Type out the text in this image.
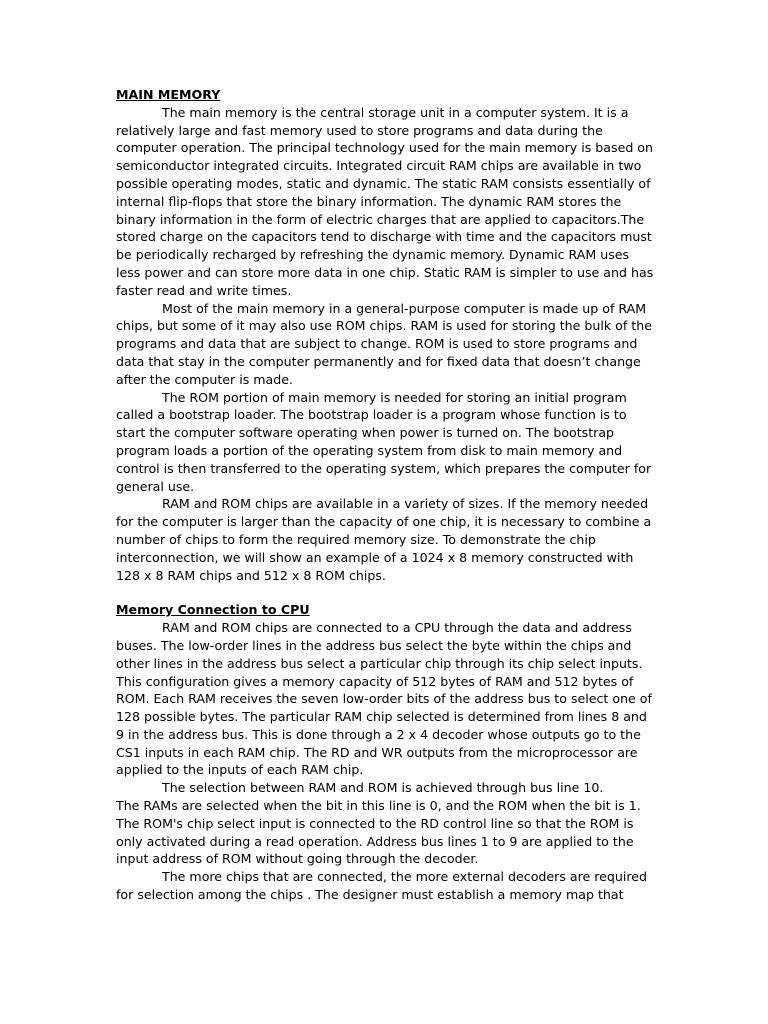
MAIN MEMORY

The main memory is the central storage unit in a computer system. It is a relatively large and fast memory used to store programs and data during the computer operation. The principal technology used for the main memory is based on semiconductor integrated circuits. Integrated circuit RAM chips are available in two possible operating modes, static and dynamic. The static RAM consists essentially of internal flip-flops that store the binary information. The dynamic RAM stores the binary information in the form of electric charges that are applied to capacitors.The stored charge on the capacitors tend to discharge with time and the capacitors must be periodically recharged by refreshing the dynamic memory. Dynamic RAM uses less power and can store more data in one chip. Static RAM is simpler to use and has faster read and write times.

Most of the main memory in a general-purpose computer is made up of RAM chips, but some of it may also use ROM chips. RAM is used for storing the bulk of the programs and data that are subject to change. ROM is used to store programs and data that stay in the computer permanently and for fixed data that doesn’t change after the computer is made.

The ROM portion of main memory is needed for storing an initial program called a bootstrap loader. The bootstrap loader is a program whose function is to start the computer software operating when power is turned on. The bootstrap program loads a portion of the operating system from disk to main memory and control is then transferred to the operating system, which prepares the computer for general use.

RAM and ROM chips are available in a variety of sizes. If the memory needed for the computer is larger than the capacity of one chip, it is necessary to combine a number of chips to form the required memory size. To demonstrate the chip interconnection, we will show an example of a 1024 x 8 memory constructed with 128 x 8 RAM chips and 512 x 8 ROM chips.

Memory Connection to CPU

RAM and ROM chips are connected to a CPU through the data and address buses. The low-order lines in the address bus select the byte within the chips and other lines in the address bus select a particular chip through its chip select inputs. This configuration gives a memory capacity of 512 bytes of RAM and 512 bytes of ROM. Each RAM receives the seven low-order bits of the address bus to select one of 128 possible bytes. The particular RAM chip selected is determined from lines 8 and 9 in the address bus. This is done through a 2 x 4 decoder whose outputs go to the CS1 inputs in each RAM chip. The RD and WR outputs from the microprocessor are applied to the inputs of each RAM chip.

The selection between RAM and ROM is achieved through bus line 10.

The RAMs are selected when the bit in this line is 0, and the ROM when the bit is 1. The ROM's chip select input is connected to the RD control line so that the ROM is only activated during a read operation. Address bus lines 1 to 9 are applied to the input address of ROM without going through the decoder.

The more chips that are connected, the more external decoders are required for selection among the chips . The designer must establish a memory map that
